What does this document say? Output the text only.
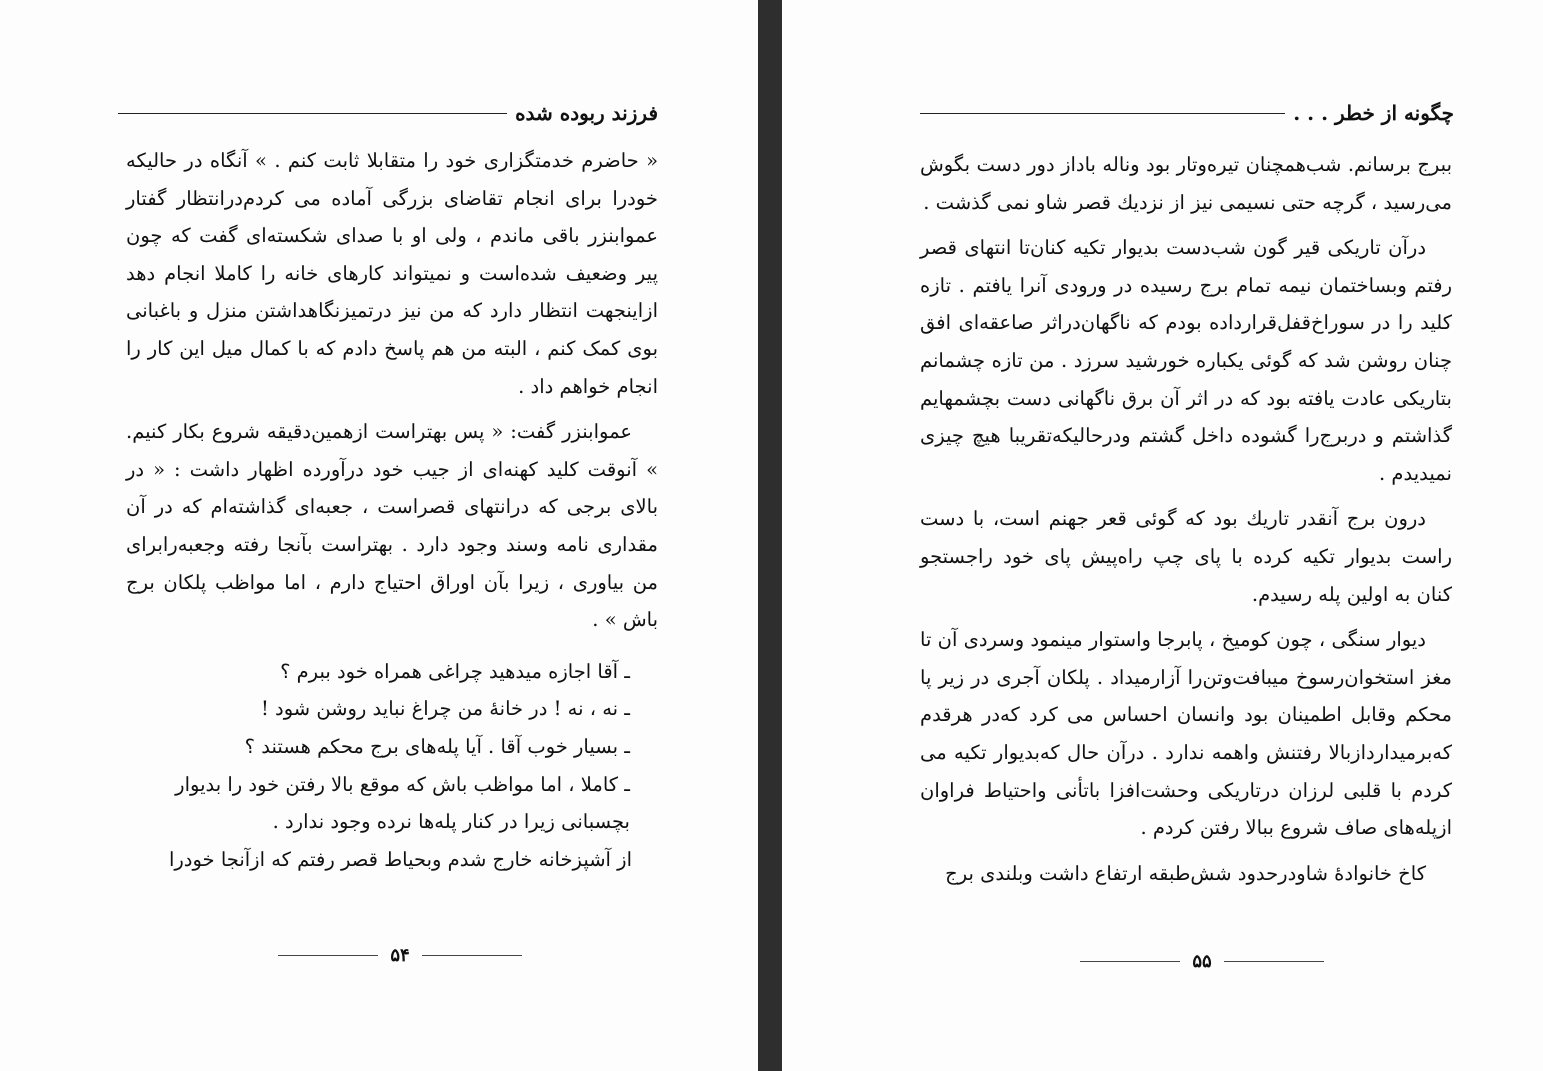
فرزند ربوده شده

« حاضرم خدمتگزاری خود را متقابلا ثابت کنم . » آنگاه در حالیکه خودرا برای انجام تقاضای بزرگی آماده می کردم‌درانتظار گفتار عموابنزر باقی ماندم ، ولی او با صدای شکسته‌ای گفت که چون پیر وضعیف شده‌است و نمیتواند کارهای خانه را کاملا انجام دهد ازاینجهت انتظار دارد که من نیز درتمیزنگاهداشتن منزل و باغبانی بوی کمک کنم ، البته من هم پاسخ دادم که با کمال میل این کار را انجام خواهم داد .

عموابنزر گفت: « پس بهتراست ازهمین‌دقیقه شروع بکار کنیم. » آنوقت کلید کهنه‌ای از جیب خود درآورده اظهار داشت : « در بالای برجی که درانتهای قصراست ، جعبه‌ای گذاشته‌ام که در آن مقداری نامه وسند وجود دارد . بهتراست بآنجا رفته وجعبه‌رابرای من بیاوری ، زیرا بآن اوراق احتیاج دارم ، اما مواظب پلکان برج باش » .

ـ آقا اجازه میدهید چراغی همراه خود ببرم ؟

ـ نه ، نه ! در خانهٔ من چراغ نباید روشن شود !

ـ بسیار خوب آقا . آیا پله‌های برج محکم هستند ؟

ـ کاملا ، اما مواظب باش که موقع بالا رفتن خود را بدیوار بچسبانی زیرا در کنار پله‌ها نرده وجود ندارد .

از آشپزخانه خارج شدم وبحیاط قصر رفتم که ازآنجا خودرا

۵۴
چگونه از خطر . . .

ببرج برسانم. شب‌همچنان تیره‌وتار بود وناله باداز دور دست بگوش می‌رسید ، گرچه حتی نسیمی نیز از نزدیك قصر شاو نمی گذشت .

درآن تاریکی قیر گون شب‌دست بدیوار تکیه کنان‌تا انتهای قصر رفتم وبساختمان نیمه تمام برج رسیده در ورودی آنرا یافتم . تازه کلید را در سوراخ‌قفل‌قرارداده بودم که ناگهان‌دراثر صاعقه‌ای افق چنان روشن شد که گوئی یکباره خورشید سرزد . من تازه چشمانم بتاریکی عادت یافته بود که در اثر آن برق ناگهانی دست بچشمهایم گذاشتم و دربرج‌را گشوده داخل گشتم ودرحالیکه‌تقریبا هیچ چیزی نمیدیدم .

درون برج آنقدر تاریك بود که گوئی قعر جهنم است، با دست راست بدیوار تکیه کرده با پای چپ راه‌پیش پای خود راجستجو کنان به اولین پله رسیدم.

دیوار سنگی ، چون کومیخ ، پابرجا واستوار مینمود وسردی آن تا مغز استخوان‌رسوخ میبافت‌وتن‌را آزارمیداد . پلکان آجری در زیر پا محکم وقابل اطمینان بود وانسان احساس می کرد که‌در هرقدم که‌برمیداردازبالا رفتنش واهمه ندارد . درآن حال که‌بدیوار تکیه می کردم با قلبی لرزان درتاریکی وحشت‌افزا باتأنی واحتیاط فراوان ازپله‌های صاف شروع ببالا رفتن کردم .

کاخ خانوادهٔ شاودرحدود شش‌طبقه ارتفاع داشت وبلندی برج

۵۵
